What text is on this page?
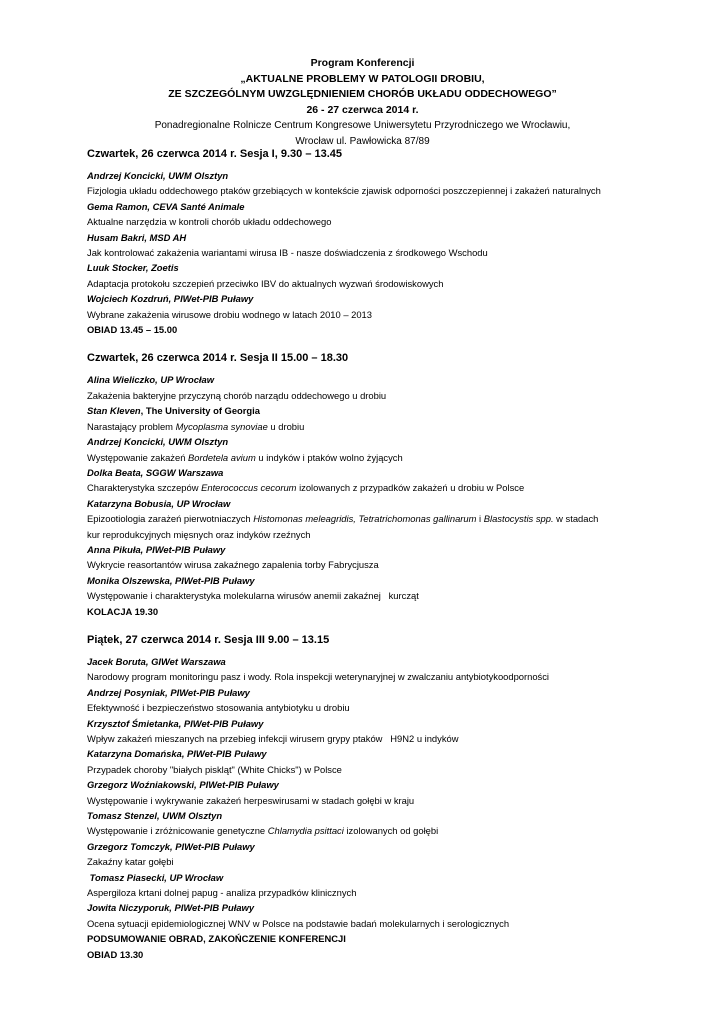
Program Konferencji
„AKTUALNE PROBLEMY W PATOLOGII DROBIU,
ZE SZCZEGÓLNYM UWZGLĘDNIENIEM CHORÓB UKŁADU ODDECHOWEGO”
26 - 27 czerwca 2014 r.
Ponadregionalne Rolnicze Centrum Kongresowe Uniwersytetu Przyrodniczego we Wrocławiu,
Wrocław ul. Pawłowicka 87/89
Czwartek, 26 czerwca 2014 r. Sesja I, 9.30 – 13.45
Andrzej Koncicki, UWM Olsztyn
Fizjologia układu oddechowego ptaków grzebiących w kontekście zjawisk odporności poszczepiennej i zakażeń naturalnych
Gema Ramon, CEVA Santé Animale
Aktualne narzędzia w kontroli chorób układu oddechowego
Husam Bakri, MSD AH
Jak kontrolować zakażenia wariantami wirusa IB - nasze doświadczenia z środkowego Wschodu
Luuk Stocker, Zoetis
Adaptacja protokołu szczepień przeciwko IBV do aktualnych wyzwań środowiskowych
Wojciech Kozdruń, PIWet-PIB Puławy
Wybrane zakażenia wirusowe drobiu wodnego w latach 2010 – 2013
OBIAD 13.45 – 15.00
Czwartek, 26 czerwca 2014 r. Sesja II 15.00 – 18.30
Alina Wieliczko, UP Wrocław
Zakażenia bakteryjne przyczyną chorób narządu oddechowego u drobiu
Stan Kleven, The University of Georgia
Narastający problem Mycoplasma synoviae u drobiu
Andrzej Koncicki, UWM Olsztyn
Występowanie zakażeń Bordetela avium u indyków i ptaków wolno żyjących
Dolka Beata, SGGW Warszawa
Charakterystyka szczepów Enterococcus cecorum izolowanych z przypadków zakażeń u drobiu w Polsce
Katarzyna Bobusia, UP Wrocław
Epizootiologia zarażeń pierwotniaczych Histomonas meleagridis, Tetratrichomonas gallinarum i Blastocystis spp. w stadach
kur reprodukcyjnych mięsnych oraz indyków rzeźnych
Anna Pikuła, PIWet-PIB Puławy
Wykrycie reasortantów wirusa zakaźnego zapalenia torby Fabrycjusza
Monika Olszewska, PIWet-PIB Puławy
Występowanie i charakterystyka molekularna wirusów anemii zakaźnej   kurcząt
KOLACJA 19.30
Piątek, 27 czerwca 2014 r. Sesja III 9.00 – 13.15
Jacek Boruta, GIWet Warszawa
Narodowy program monitoringu pasz i wody. Rola inspekcji weterynaryjnej w zwalczaniu antybiotykoodporności
Andrzej Posyniak, PIWet-PIB Puławy
Efektywność i bezpieczeństwo stosowania antybiotyku u drobiu
Krzysztof Śmietanka, PIWet-PIB Puławy
Wpływ zakażeń mieszanych na przebieg infekcji wirusem grypy ptaków   H9N2 u indyków
Katarzyna Domańska, PIWet-PIB Puławy
Przypadek choroby "białych piskląt" (White Chicks") w Polsce
Grzegorz Woźniakowski, PIWet-PIB Puławy
Występowanie i wykrywanie zakażeń herpeswirusami w stadach gołębi w kraju
Tomasz Stenzel, UWM Olsztyn
Występowanie i zróżnicowanie genetyczne Chlamydia psittaci izolowanych od gołębi
Grzegorz Tomczyk, PIWet-PIB Puławy
Zakaźny katar gołębi
Tomasz Piasecki, UP Wrocław
Aspergiloza krtani dolnej papug - analiza przypadków klinicznych
Jowita Niczyporuk, PIWet-PIB Puławy
Ocena sytuacji epidemiologicznej WNV w Polsce na podstawie badań molekularnych i serologicznych
PODSUMOWANIE OBRAD, ZAKOŃCZENIE KONFERENCJI
OBIAD 13.30
